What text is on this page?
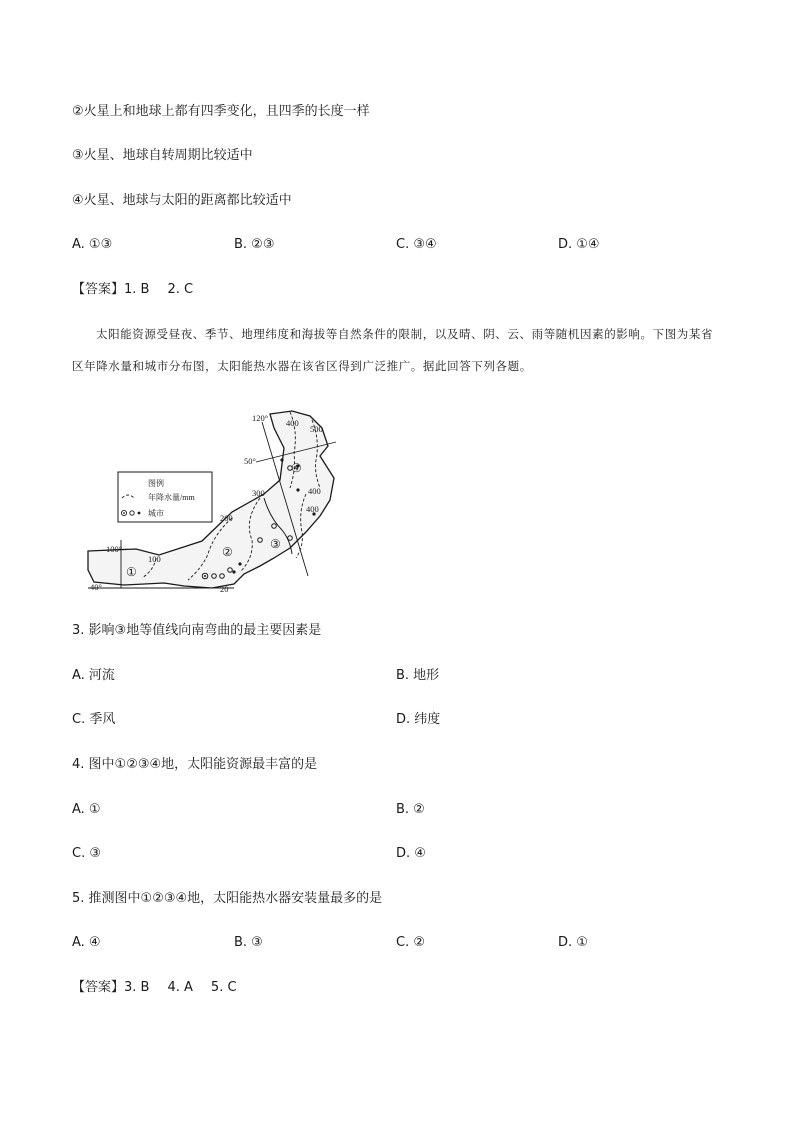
②火星上和地球上都有四季变化，且四季的长度一样
③火星、地球自转周期比较适中
④火星、地球与太阳的距离都比较适中
A. ①③	B. ②③	C. ③④	D. ①④
【答案】1. B 2. C
太阳能资源受昼夜、季节、地理纬度和海拔等自然条件的限制，以及晴、阴、云、雨等随机因素的影响。下图为某省区年降水量和城市分布图，太阳能热水器在该省区得到广泛推广。据此回答下列各题。
图例
年降水量/mm
城市
120° 400
500
50°
400
400
300
200
100
20
100°
40°
①
②
③
④
3. 影响③地等值线向南弯曲的最主要因素是
A. 河流	B. 地形
C. 季风	D. 纬度
4. 图中①②③④地，太阳能资源最丰富的是
A. ①	B. ②
C. ③	D. ④
5. 推测图中①②③④地，太阳能热水器安装量最多的是
A. ④	B. ③	C. ②	D. ①
【答案】3. B 4. A 5. C
